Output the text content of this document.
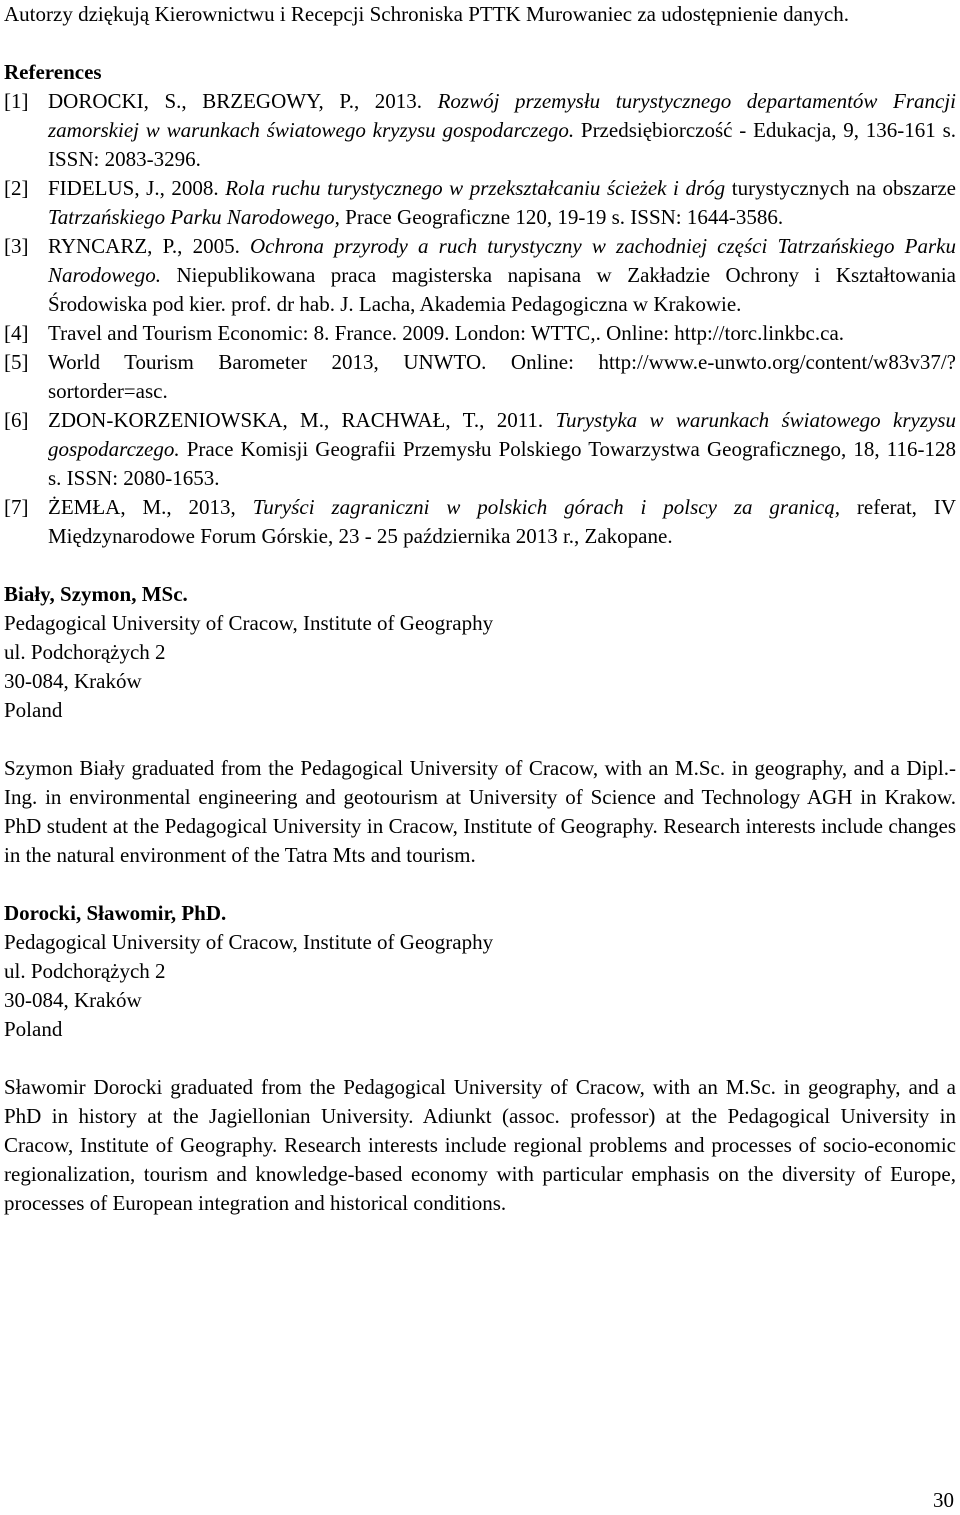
Autorzy dziękują Kierownictwu i Recepcji Schroniska PTTK Murowaniec za udostępnienie danych.

References

[1] DOROCKI, S., BRZEGOWY, P., 2013. Rozwój przemysłu turystycznego departamentów Francji zamorskiej w warunkach światowego kryzysu gospodarczego. Przedsiębiorczość - Edukacja, 9, 136-161 s. ISSN: 2083-3296.
[2] FIDELUS, J., 2008. Rola ruchu turystycznego w przekształcaniu ścieżek i dróg turystycznych na obszarze Tatrzańskiego Parku Narodowego, Prace Geograficzne 120, 19-19 s. ISSN: 1644-3586.
[3] RYNCARZ, P., 2005. Ochrona przyrody a ruch turystyczny w zachodniej części Tatrzańskiego Parku Narodowego. Niepublikowana praca magisterska napisana w Zakładzie Ochrony i Kształtowania Środowiska pod kier. prof. dr hab. J. Lacha, Akademia Pedagogiczna w Krakowie.
[4] Travel and Tourism Economic: 8. France. 2009. London: WTTC,. Online: http://torc.linkbc.ca.
[5] World Tourism Barometer 2013, UNWTO. Online: http://www.e-unwto.org/content/w83v37/?sortorder=asc.
[6] ZDON-KORZENIOWSKA, M., RACHWAŁ, T., 2011. Turystyka w warunkach światowego kryzysu gospodarczego. Prace Komisji Geografii Przemysłu Polskiego Towarzystwa Geograficznego, 18, 116-128 s. ISSN: 2080-1653.
[7] ŻEMŁA, M., 2013, Turyści zagraniczni w polskich górach i polscy za granicą, referat, IV Międzynarodowe Forum Górskie, 23 - 25 października 2013 r., Zakopane.

Biały, Szymon, MSc.

Pedagogical University of Cracow, Institute of Geography

ul. Podchorążych 2

30-084, Kraków

Poland

Szymon Biały graduated from the Pedagogical University of Cracow, with an M.Sc. in geography, and a Dipl.-Ing. in environmental engineering and geotourism at University of Science and Technology AGH in Krakow. PhD student at the Pedagogical University in Cracow, Institute of Geography. Research interests include changes in the natural environment of the Tatra Mts and tourism.

Dorocki, Sławomir, PhD.

Pedagogical University of Cracow, Institute of Geography

ul. Podchorążych 2

30-084, Kraków

Poland

Sławomir Dorocki graduated from the Pedagogical University of Cracow, with an M.Sc. in geography, and a PhD in history at the Jagiellonian University. Adiunkt (assoc. professor) at the Pedagogical University in Cracow, Institute of Geography. Research interests include regional problems and processes of socio-economic regionalization, tourism and knowledge-based economy with particular emphasis on the diversity of Europe, processes of European integration and historical conditions.

30
